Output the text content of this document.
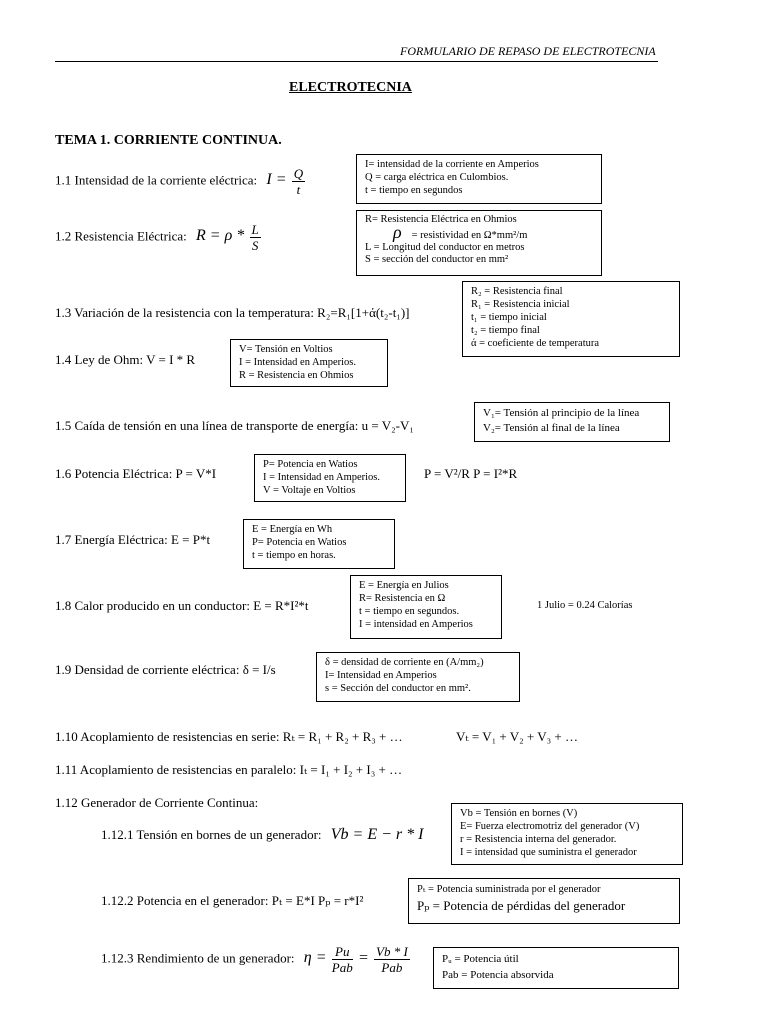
FORMULARIO DE REPASO DE ELECTROTECNIA
ELECTROTECNIA
TEMA 1. CORRIENTE CONTINUA.
1.1 Intensidad de la corriente eléctrica: $I = \frac{Q}{t}$
I= intensidad de la corriente en Amperios
Q = carga eléctrica en Culombios.
t = tiempo en segundos
1.2 Resistencia Eléctrica: $R = \rho * \frac{L}{S}$
R= Resistencia Eléctrica en Ohmios
ρ = resistividad en Ω*mm²/m
L = Longitud del conductor en metros
S = sección del conductor en mm²
1.3 Variación de la resistencia con la temperatura: R₂=R₁[1+ά(t₂-t₁)]
R₂ = Resistencia final
R₁ = Resistencia inicial
t₁ = tiempo inicial
t₂ = tiempo final
ά = coeficiente de temperatura
1.4 Ley de Ohm: V = I * R
V= Tensión en Voltios
I = Intensidad en Amperios.
R = Resistencia en Ohmios
1.5 Caída de tensión en una línea de transporte de energía: u = V₂-V₁
V₁= Tensión al principio de la línea
V₂= Tensión al final de la línea
1.6 Potencia Eléctrica: P = V*I
P= Potencia en Watios
I = Intensidad en Amperios.
V = Voltaje en Voltios
P = V²/R P = I²*R
1.7 Energía Eléctrica: E = P*t
E = Energía en Wh
P= Potencia en Watios
t = tiempo en horas.
1.8 Calor producido en un conductor: E = R*I²*t
E = Energía en Julios
R= Resistencia en Ω
t = tiempo en segundos.
I = intensidad en Amperios
1 Julio = 0.24 Calorías
1.9 Densidad de corriente eléctrica: δ = I/s	δ = densidad de corriente en (A/mm₂)
I= Intensidad en Amperios
s = Sección del conductor en mm².
1.10 Acoplamiento de resistencias en serie: Rₜ = R₁ + R₂ + R₃ + …	Vₜ = V₁ + V₂ + V₃ + …
1.11 Acoplamiento de resistencias en paralelo: Iₜ = I₁ + I₂ + I₃ + …
1.12 Generador de Corriente Continua:
1.12.1 Tensión en bornes de un generador: Vb = E − r * I
Vb = Tensión en bornes (V)
E= Fuerza electromotriz del generador (V)
r = Resistencia interna del generador.
I = intensidad que suministra el generador
1.12.2 Potencia en el generador: Pₜ = E*I Pₚ = r*I²
Pₜ = Potencia suministrada por el generador
Pₚ = Potencia de pérdidas del generador
1.12.3 Rendimiento de un generador: $\eta = \frac{Pu}{\text{Pab}} = \frac{Vb * I}{\text{Pab}}$	Pᵤ = Potencia útil
Pab = Potencia absorvida
